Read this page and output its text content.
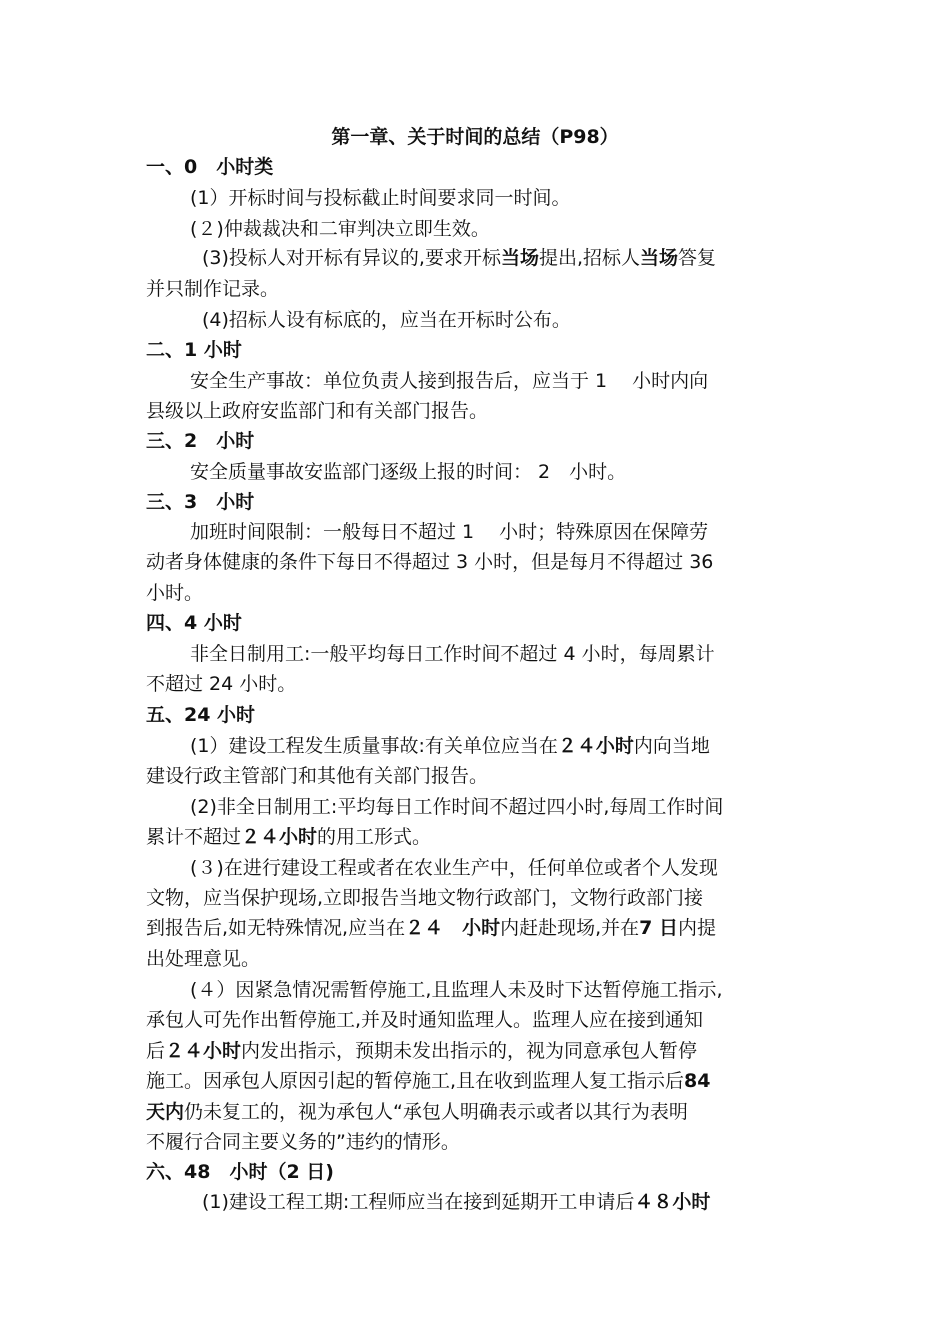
第一章、关于时间的总结（P98）
一、0　小时类
(1）开标时间与投标截止时间要求同一时间。
(２)仲裁裁决和二审判决立即生效。
(3)投标人对开标有异议的,要求开标当场提出,招标人当场答复
并只制作记录。
(4)招标人设有标底的，应当在开标时公布。
二、1 小时
安全生产事故：单位负责人接到报告后，应当于 1　 小时内向
县级以上政府安监部门和有关部门报告。
三、2　小时
安全质量事故安监部门逐级上报的时间： 2　小时。
三、3　小时
加班时间限制：一般每日不超过 1　 小时；特殊原因在保障劳
动者身体健康的条件下每日不得超过 3 小时，但是每月不得超过 36
小时。
四、4 小时
非全日制用工:一般平均每日工作时间不超过 4 小时，每周累计
不超过 24 小时。
五、24 小时
(1）建设工程发生质量事故:有关单位应当在２４小时内向当地
建设行政主管部门和其他有关部门报告。
(2)非全日制用工:平均每日工作时间不超过四小时,每周工作时间
累计不超过２４小时的用工形式。
(３)在进行建设工程或者在农业生产中，任何单位或者个人发现
文物，应当保护现场,立即报告当地文物行政部门，文物行政部门接
到报告后,如无特殊情况,应当在２４　小时内赶赴现场,并在7 日内提
出处理意见。
(４）因紧急情况需暂停施工,且监理人未及时下达暂停施工指示,
承包人可先作出暂停施工,并及时通知监理人。监理人应在接到通知
后２４小时内发出指示，预期未发出指示的，视为同意承包人暂停
施工。因承包人原因引起的暂停施工,且在收到监理人复工指示后84
天内仍未复工的，视为承包人“承包人明确表示或者以其行为表明
不履行合同主要义务的”违约的情形。
六、48　小时（2 日)
(1)建设工程工期:工程师应当在接到延期开工申请后４８小时
